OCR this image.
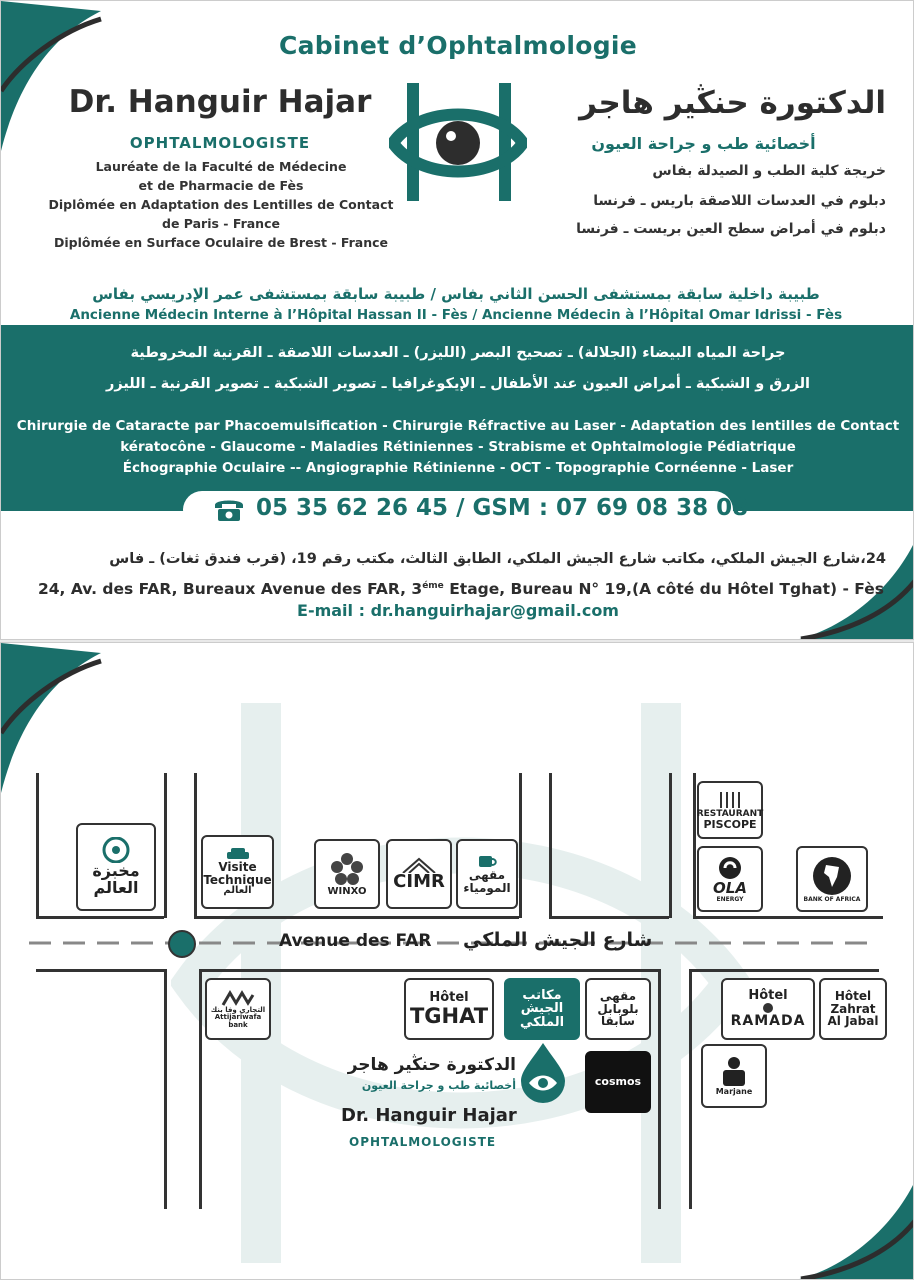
Cabinet d’Ophtalmologie
Dr. Hanguir Hajar
OPHTALMOLOGISTE
Lauréate de la Faculté de Médecine
et de Pharmacie de Fès
Diplômée en Adaptation des Lentilles de Contact
de Paris - France
Diplômée en Surface Oculaire de Brest - France
الدكتورة حنڭير هاجر
أخصائية طب و جراحة العيون
خريجة كلية الطب و الصيدلة بفاس
دبلوم في العدسات اللاصقة باريس ـ فرنسا
دبلوم في أمراض سطح العين بريست ـ فرنسا
طبيبة داخلية سابقة بمستشفى الحسن الثاني بفاس / طبيبة سابقة بمستشفى عمر الإدريسي بفاس
Ancienne Médecin Interne à l’Hôpital Hassan II - Fès / Ancienne Médecin à l’Hôpital Omar Idrissi - Fès
جراحة المياه البيضاء (الجلالة) ـ تصحيح البصر (الليزر) ـ العدسات اللاصقة ـ القرنية المخروطية
الزرق و الشبكية ـ أمراض العيون عند الأطفال ـ الإيكوغرافيا ـ تصوير الشبكية ـ تصوير القرنية ـ الليزر
Chirurgie de Cataracte par Phacoemulsification - Chirurgie Réfractive au Laser - Adaptation des lentilles de Contact
kératocône - Glaucome - Maladies Rétiniennes - Strabisme et Ophtalmologie Pédiatrique
Échographie Oculaire -- Angiographie Rétinienne - OCT - Topographie Cornéenne - Laser
05 35 62 26 45 / GSM : 07 69 08 38 08
24،شارع الجيش الملكي، مكاتب شارع الجيش الملكي، الطابق الثالث، مكتب رقم 19، (قرب فندق ثغات) ـ فاس
24, Av. des FAR, Bureaux Avenue des FAR, $3^{éme}$ Etage, Bureau N° 19,(A côté du Hôtel Tghat) - Fès
E-mail : dr.hanguirhajar@gmail.com
Avenue des FAR شارع الجيش الملكي
مخبزة
العالم
Visite
Technique
العالم	WINXO CIMR مقهى
المومياء
RESTAURANT
PISCOPE
OLA
ENERGY	BANK OF AFRICA
التجاري وفا بنك
Attijariwafa bank
Hôtel
TGHAT
مكاتب
الجيش
الملكي
مقهى
بلوبابل
سابقا
cosmos
Hôtel
RAMADA
Hôtel
Zahrat
Al Jabal
Marjane
الدكتورة حنڭير هاجر
أخصائية طب و جراحة العيون
Dr. Hanguir Hajar
OPHTALMOLOGISTE
